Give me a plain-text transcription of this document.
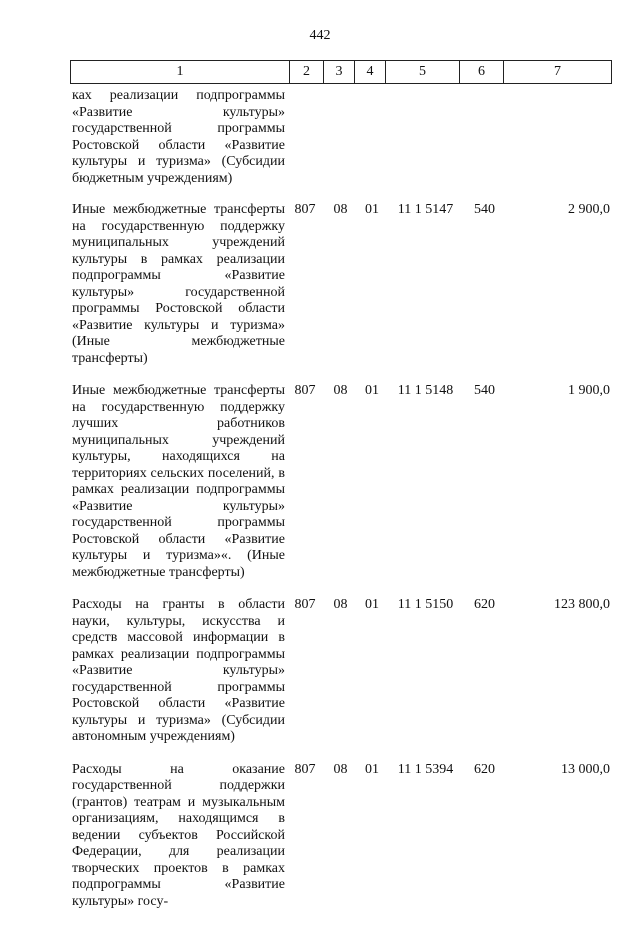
442
1	2	3	4	5	6	7
ках реализации подпрограммы «Развитие культуры» государственной программы Ростовской области «Развитие культуры и туризма» (Субсидии бюджетным учреждениям)
Иные межбюджетные трансферты на государственную поддержку муниципальных учреждений культуры в рамках реализации подпрограммы «Развитие культуры» государственной программы Ростовской области «Развитие культуры и туризма» (Иные межбюджетные трансферты)
807	08	01	11 1 5147	540	2 900,0
Иные межбюджетные трансферты на государственную поддержку лучших работников муниципальных учреждений культуры, находящихся на территориях сельских поселений, в рамках реализации подпрограммы «Развитие культуры» государственной программы Ростовской области «Развитие культуры и туризма»«. (Иные межбюджетные трансферты)
807	08	01	11 1 5148	540	1 900,0
Расходы на гранты в области науки, культуры, искусства и средств массовой информации в рамках реализации подпрограммы «Развитие культуры» государственной программы Ростовской области «Развитие культуры и туризма» (Субсидии автономным учреждениям)
807	08	01	11 1 5150	620	123 800,0
Расходы на оказание государственной поддержки (грантов) театрам и музыкальным организациям, находящимся в ведении субъектов Российской Федерации, для реализации творческих проектов в рамках подпрограммы «Развитие культуры» госу-
807	08	01	11 1 5394	620	13 000,0
